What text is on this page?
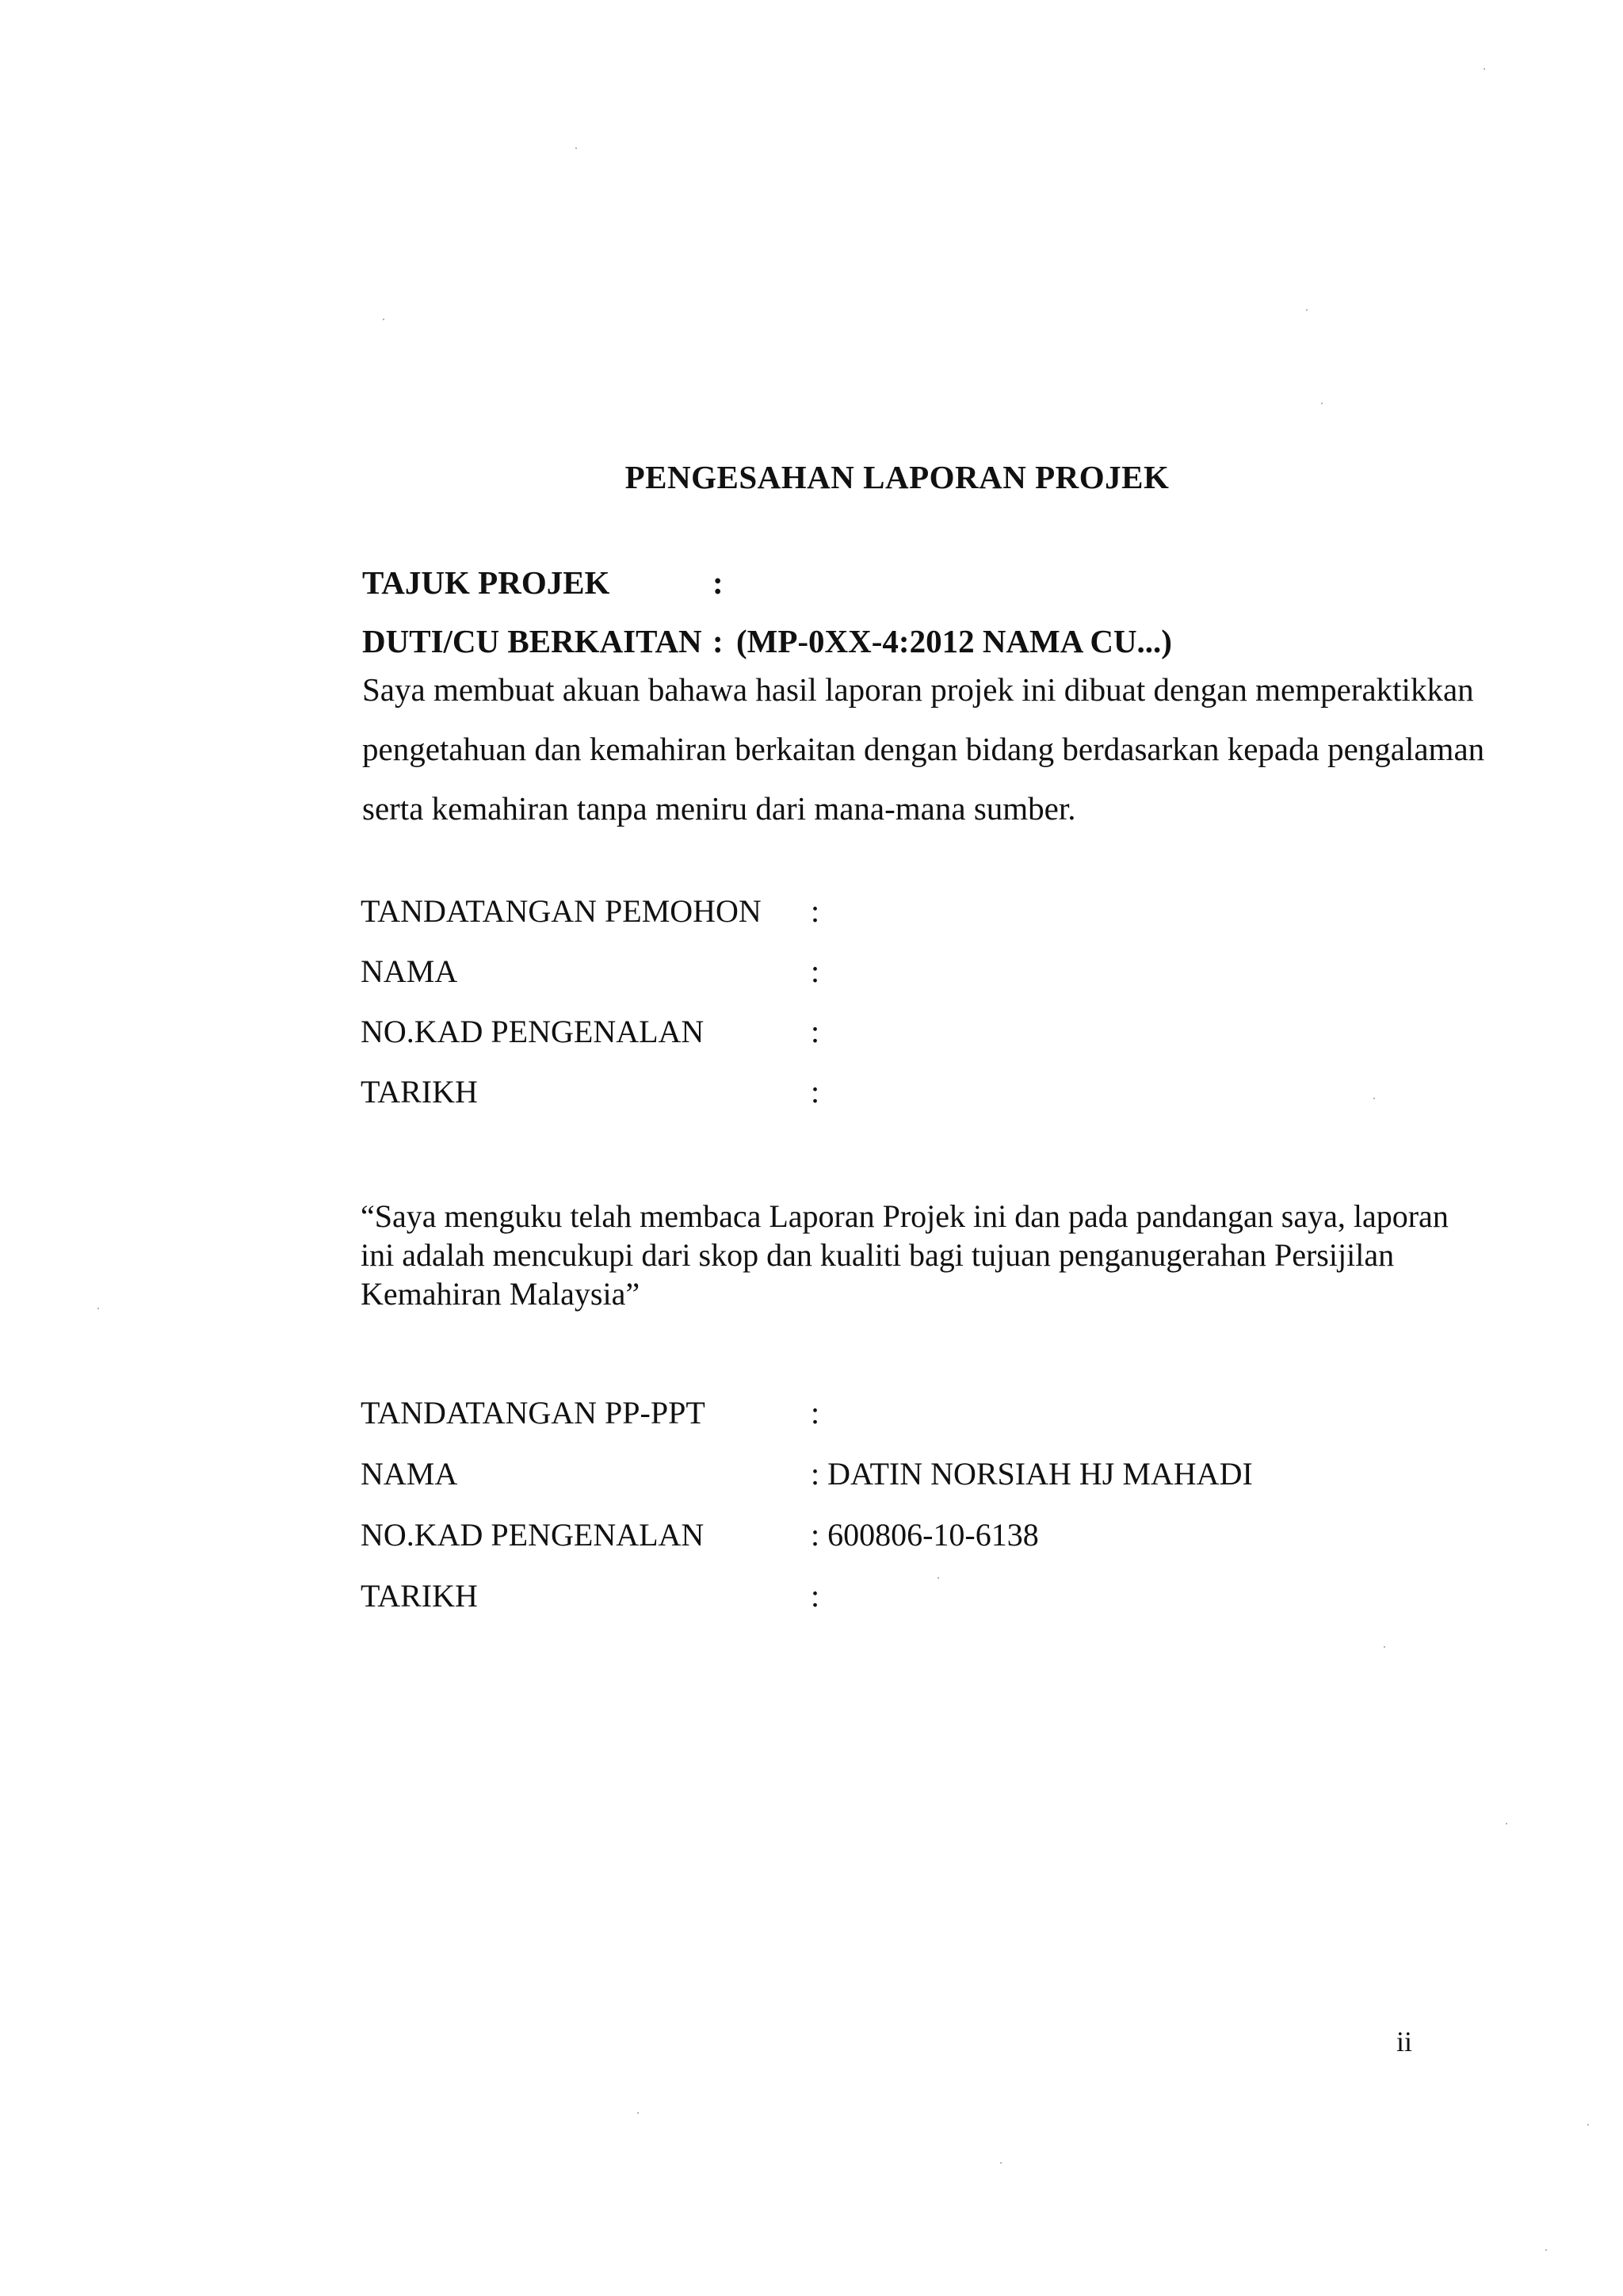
PENGESAHAN LAPORAN PROJEK
TAJUK PROJEK	:
DUTI/CU BERKAITAN : (MP-0XX-4:2012 NAMA CU...)
Saya membuat akuan bahawa hasil laporan projek ini dibuat dengan memperaktikkan
pengetahuan dan kemahiran berkaitan dengan bidang berdasarkan kepada pengalaman
serta kemahiran tanpa meniru dari mana-mana sumber.
TANDATANGAN PEMOHON :
NAMA	:
NO.KAD PENGENALAN	:
TARIKH	:
“Saya menguku telah membaca Laporan Projek ini dan pada pandangan saya, laporan
ini adalah mencukupi dari skop dan kualiti bagi tujuan penganugerahan Persijilan
Kemahiran Malaysia”
TANDATANGAN PP-PPT	:
NAMA	: DATIN NORSIAH HJ MAHADI
NO.KAD PENGENALAN	: 600806-10-6138
TARIKH	:
ii
